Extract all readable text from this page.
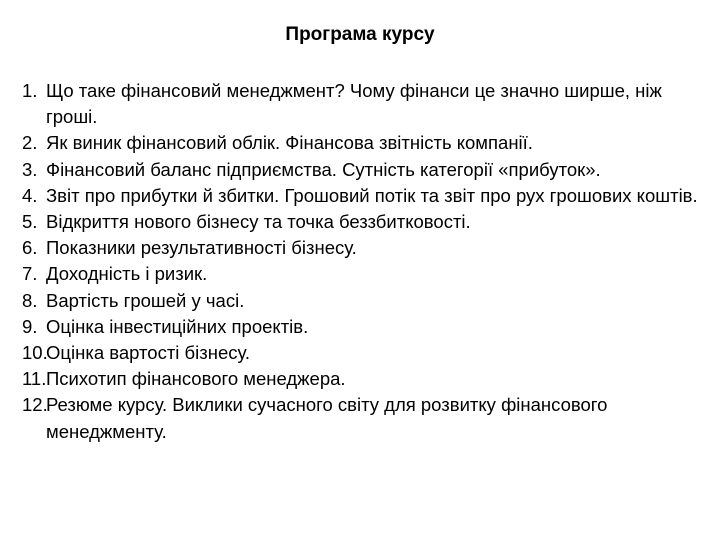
Програма курсу
1. Що таке фінансовий менеджмент? Чому фінанси це значно ширше, ніж гроші.
2. Як виник фінансовий облік. Фінансова звітність компанії.
3. Фінансовий баланс підприємства. Сутність категорії «прибуток».
4. Звіт про прибутки й збитки. Грошовий потік та звіт про рух грошових коштів.
5. Відкриття нового бізнесу та точка беззбитковості.
6. Показники результативності бізнесу.
7. Доходність і ризик.
8. Вартість грошей у часі.
9. Оцінка інвестиційних проектів.
10.
Оцінка вартості бізнесу.
11. Психотип фінансового менеджера.
12.
Резюме курсу. Виклики сучасного світу для розвитку фінансового менеджменту.
